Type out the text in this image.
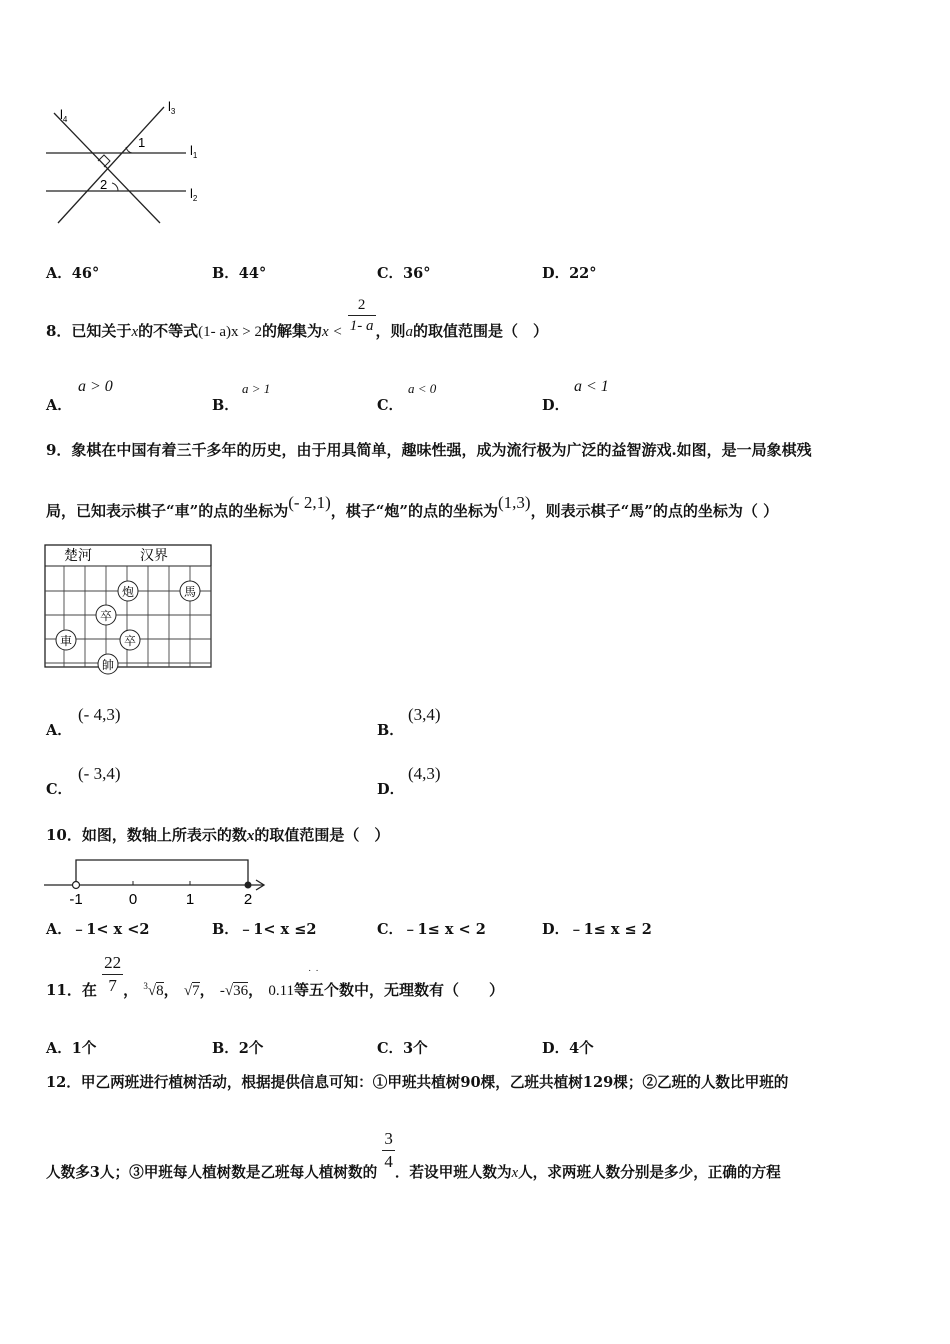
$l_4$
$l_3$
$l_1$
$l_2$
1
2
A．46°	B．44°	C．36°	D．22°
8．已知关于x的不等式(1- a)x > 2的解集为$x < \frac{2}{1- a}$ ，则a的取值范围是（　）
A．
a > 0
B．
a > 1
C．
a < 0
D．
a < 1
9．象棋在中国有着三千多年的历史，由于用具简单，趣味性强，成为流行极为广泛的益智游戏.如图，是一局象棋残
局，已知表示棋子“車”的点的坐标为(- 2,1)，棋子“炮”的点的坐标为(1,3)，则表示棋子“馬”的点的坐标为（ ）
楚河	汉界
炮	馬
卒
車	卒
帥
A．
(- 4,3)
B．
(3,4)
C．
(- 3,4)
D．
(4,3)
10．如图，数轴上所表示的数x的取值范围是（　）
-1	0	1	2
A．﹣1< x <2	B．﹣1< x ≤2	C．﹣1≤ x < 2	D．﹣1≤ x ≤ 2
11．在 $\frac{22}{7}$ ， $^3$√8， √7， -√36， 0.11等五个数中，无理数有（　　）
˙˙
A．1个	B．2个	C．3个	D．4个
12．甲乙两班进行植树活动，根据提供信息可知：①甲班共植树90棵，乙班共植树129棵；②乙班的人数比甲班的
人数多3人；③甲班每人植树数是乙班每人植树数的 $\frac{3}{4}$ ．若设甲班人数为x人，求两班人数分别是多少，正确的方程
